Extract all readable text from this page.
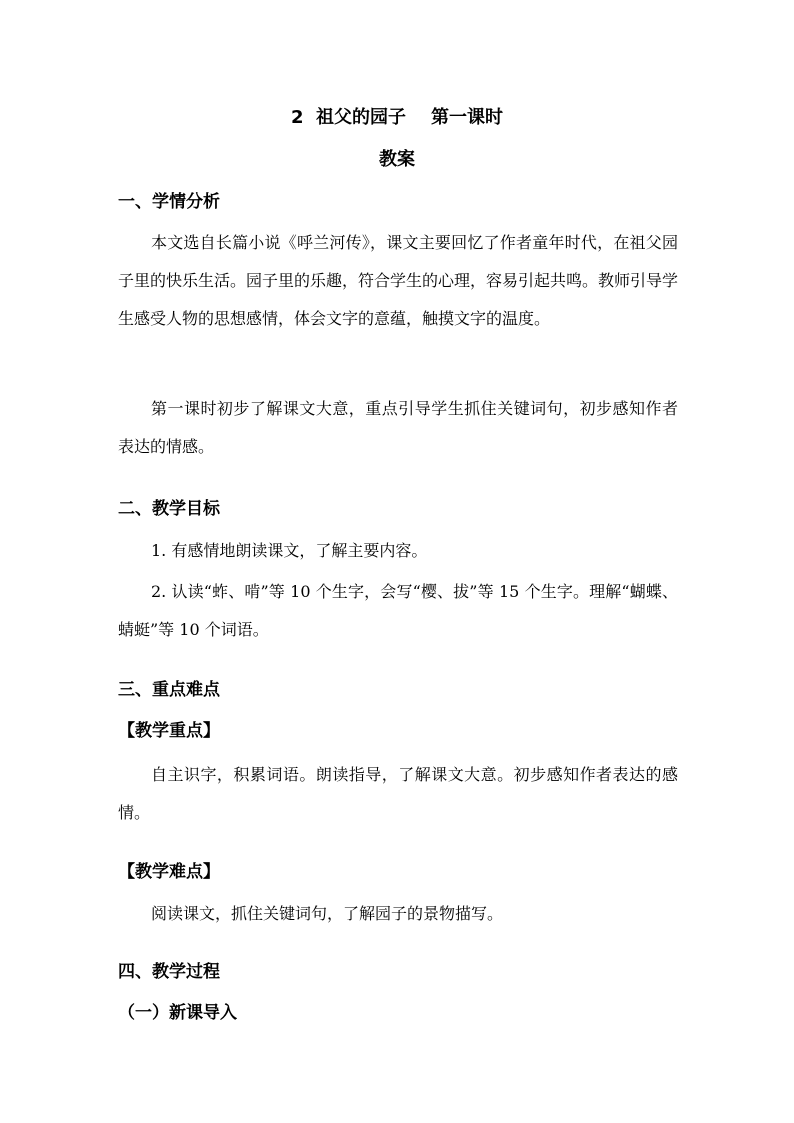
2  祖父的园子    第一课时
教案
一、学情分析
本文选自长篇小说《呼兰河传》，课文主要回忆了作者童年时代，在祖父园子里的快乐生活。园子里的乐趣，符合学生的心理，容易引起共鸣。教师引导学生感受人物的思想感情，体会文字的意蕴，触摸文字的温度。
第一课时初步了解课文大意，重点引导学生抓住关键词句，初步感知作者表达的情感。
二、教学目标
1. 有感情地朗读课文，了解主要内容。
2. 认读“蚱、啃”等 10 个生字，会写“樱、拔”等 15 个生字。理解“蝴蝶、蜻蜓”等 10 个词语。
三、重点难点
【教学重点】
自主识字，积累词语。朗读指导，了解课文大意。初步感知作者表达的感情。
【教学难点】
阅读课文，抓住关键词句，了解园子的景物描写。
四、教学过程
（一）新课导入
